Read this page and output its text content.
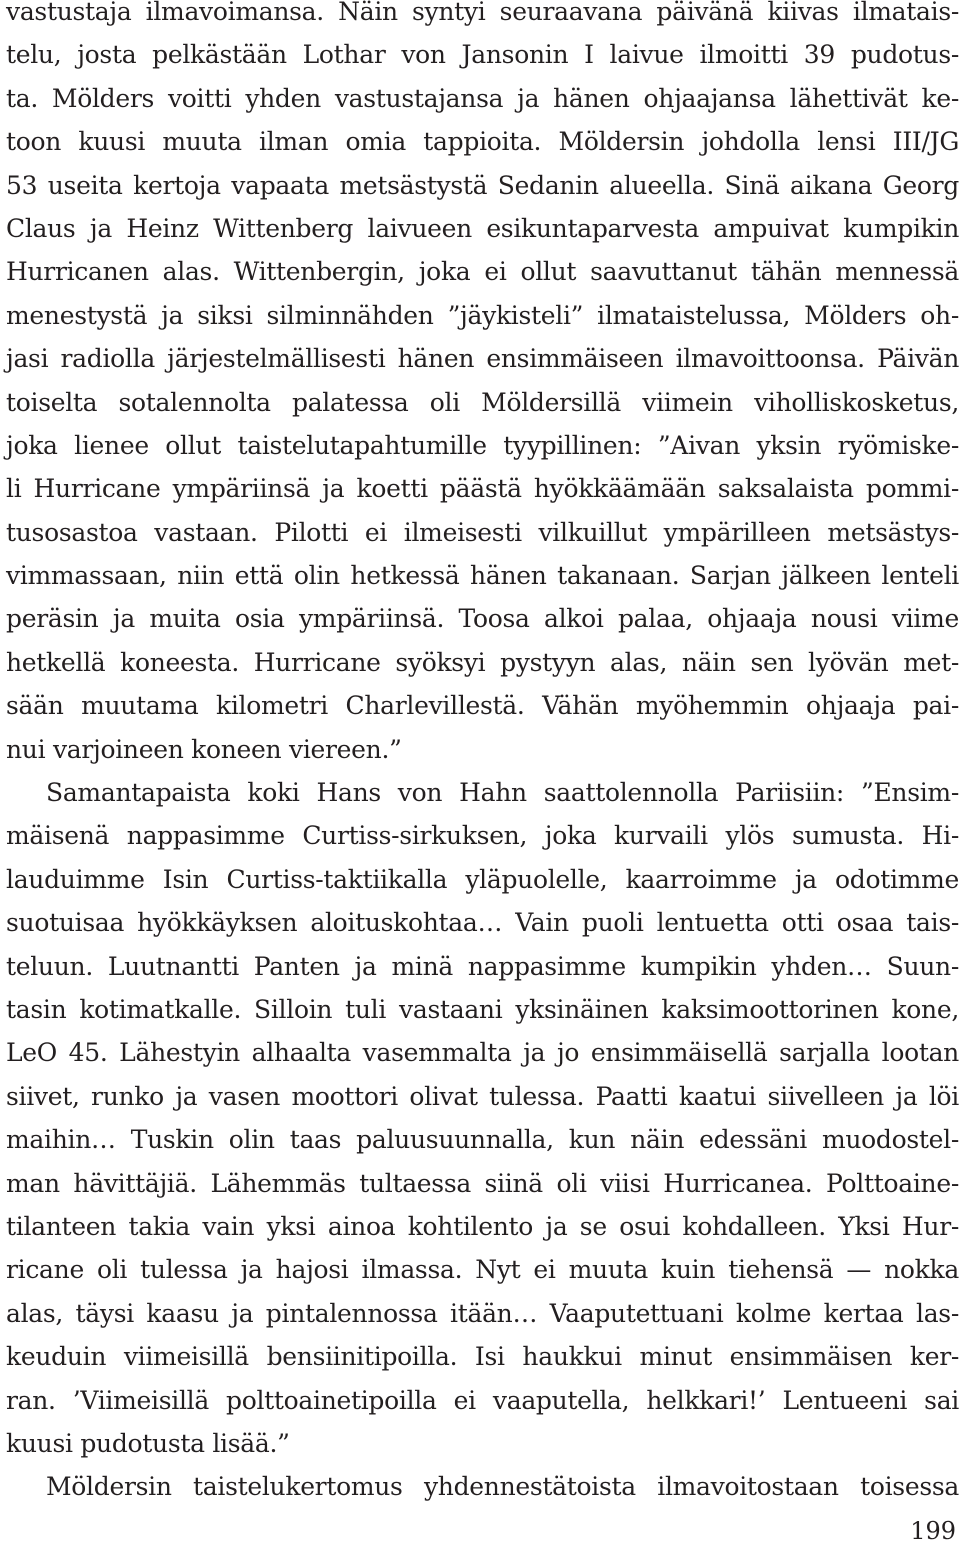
vastustaja ilmavoimansa. Näin syntyi seuraavana päivänä kiivas ilmatais-
telu, josta pelkästään Lothar von Jansonin I laivue ilmoitti 39 pudotus-
ta. Mölders voitti yhden vastustajansa ja hänen ohjaajansa lähettivät ke-
toon kuusi muuta ilman omia tappioita. Möldersin johdolla lensi III/JG
53 useita kertoja vapaata metsästystä Sedanin alueella. Sinä aikana Georg
Claus ja Heinz Wittenberg laivueen esikuntaparvesta ampuivat kumpikin
Hurricanen alas. Wittenbergin, joka ei ollut saavuttanut tähän mennessä
menestystä ja siksi silminnähden ”jäykisteli” ilmataistelussa, Mölders oh-
jasi radiolla järjestelmällisesti hänen ensimmäiseen ilmavoittoonsa. Päivän
toiselta sotalennolta palatessa oli Möldersillä viimein viholliskosketus,
joka lienee ollut taistelutapahtumille tyypillinen: ”Aivan yksin ryömiske-
li Hurricane ympäriinsä ja koetti päästä hyökkäämään saksalaista pommi-
tusosastoa vastaan. Pilotti ei ilmeisesti vilkuillut ympärilleen metsästys-
vimmassaan, niin että olin hetkessä hänen takanaan. Sarjan jälkeen lenteli
peräsin ja muita osia ympäriinsä. Toosa alkoi palaa, ohjaaja nousi viime
hetkellä koneesta. Hurricane syöksyi pystyyn alas, näin sen lyövän met-
sään muutama kilometri Charlevillestä. Vähän myöhemmin ohjaaja pai-
nui varjoineen koneen viereen.”
Samantapaista koki Hans von Hahn saattolennolla Pariisiin: ”Ensim-
mäisenä nappasimme Curtiss-sirkuksen, joka kurvaili ylös sumusta. Hi-
lauduimme Isin Curtiss-taktiikalla yläpuolelle, kaarroimme ja odotimme
suotuisaa hyökkäyksen aloituskohtaa… Vain puoli lentuetta otti osaa tais-
teluun. Luutnantti Panten ja minä nappasimme kumpikin yhden… Suun-
tasin kotimatkalle. Silloin tuli vastaani yksinäinen kaksimoottorinen kone,
LeO 45. Lähestyin alhaalta vasemmalta ja jo ensimmäisellä sarjalla lootan
siivet, runko ja vasen moottori olivat tulessa. Paatti kaatui siivelleen ja löi
maihin… Tuskin olin taas paluusuunnalla, kun näin edessäni muodostel-
man hävittäjiä. Lähemmäs tultaessa siinä oli viisi Hurricanea. Polttoaine-
tilanteen takia vain yksi ainoa kohtilento ja se osui kohdalleen. Yksi Hur-
ricane oli tulessa ja hajosi ilmassa. Nyt ei muuta kuin tiehensä — nokka
alas, täysi kaasu ja pintalennossa itään… Vaaputettuani kolme kertaa las-
keuduin viimeisillä bensiinitipoilla. Isi haukkui minut ensimmäisen ker-
ran. ’Viimeisillä polttoainetipoilla ei vaaputella, helkkari!’ Lentueeni sai
kuusi pudotusta lisää.”
Möldersin taistelukertomus yhdennestätoista ilmavoitostaan toisessa
199
